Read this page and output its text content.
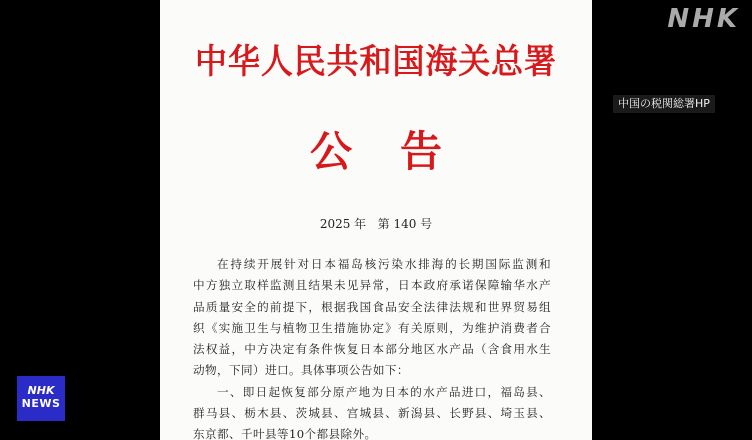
中华人民共和国海关总署
公告
2025 年   第 140 号
在持续开展针对日本福岛核污染水排海的长期国际监测和
中方独立取样监测且结果未见异常，日本政府承诺保障输华水产
品质量安全的前提下，根据我国食品安全法律法规和世界贸易组
织《实施卫生与植物卫生措施协定》有关原则，为维护消费者合
法权益，中方决定有条件恢复日本部分地区水产品（含食用水生
动物，下同）进口。具体事项公告如下：
一、即日起恢复部分原产地为日本的水产品进口，福岛县、
群马县、栃木县、茨城县、宫城县、新潟县、长野县、埼玉县、
东京都、千叶县等10个都县除外。
NHK
中国の税関総署HP
NHK
NEWS
